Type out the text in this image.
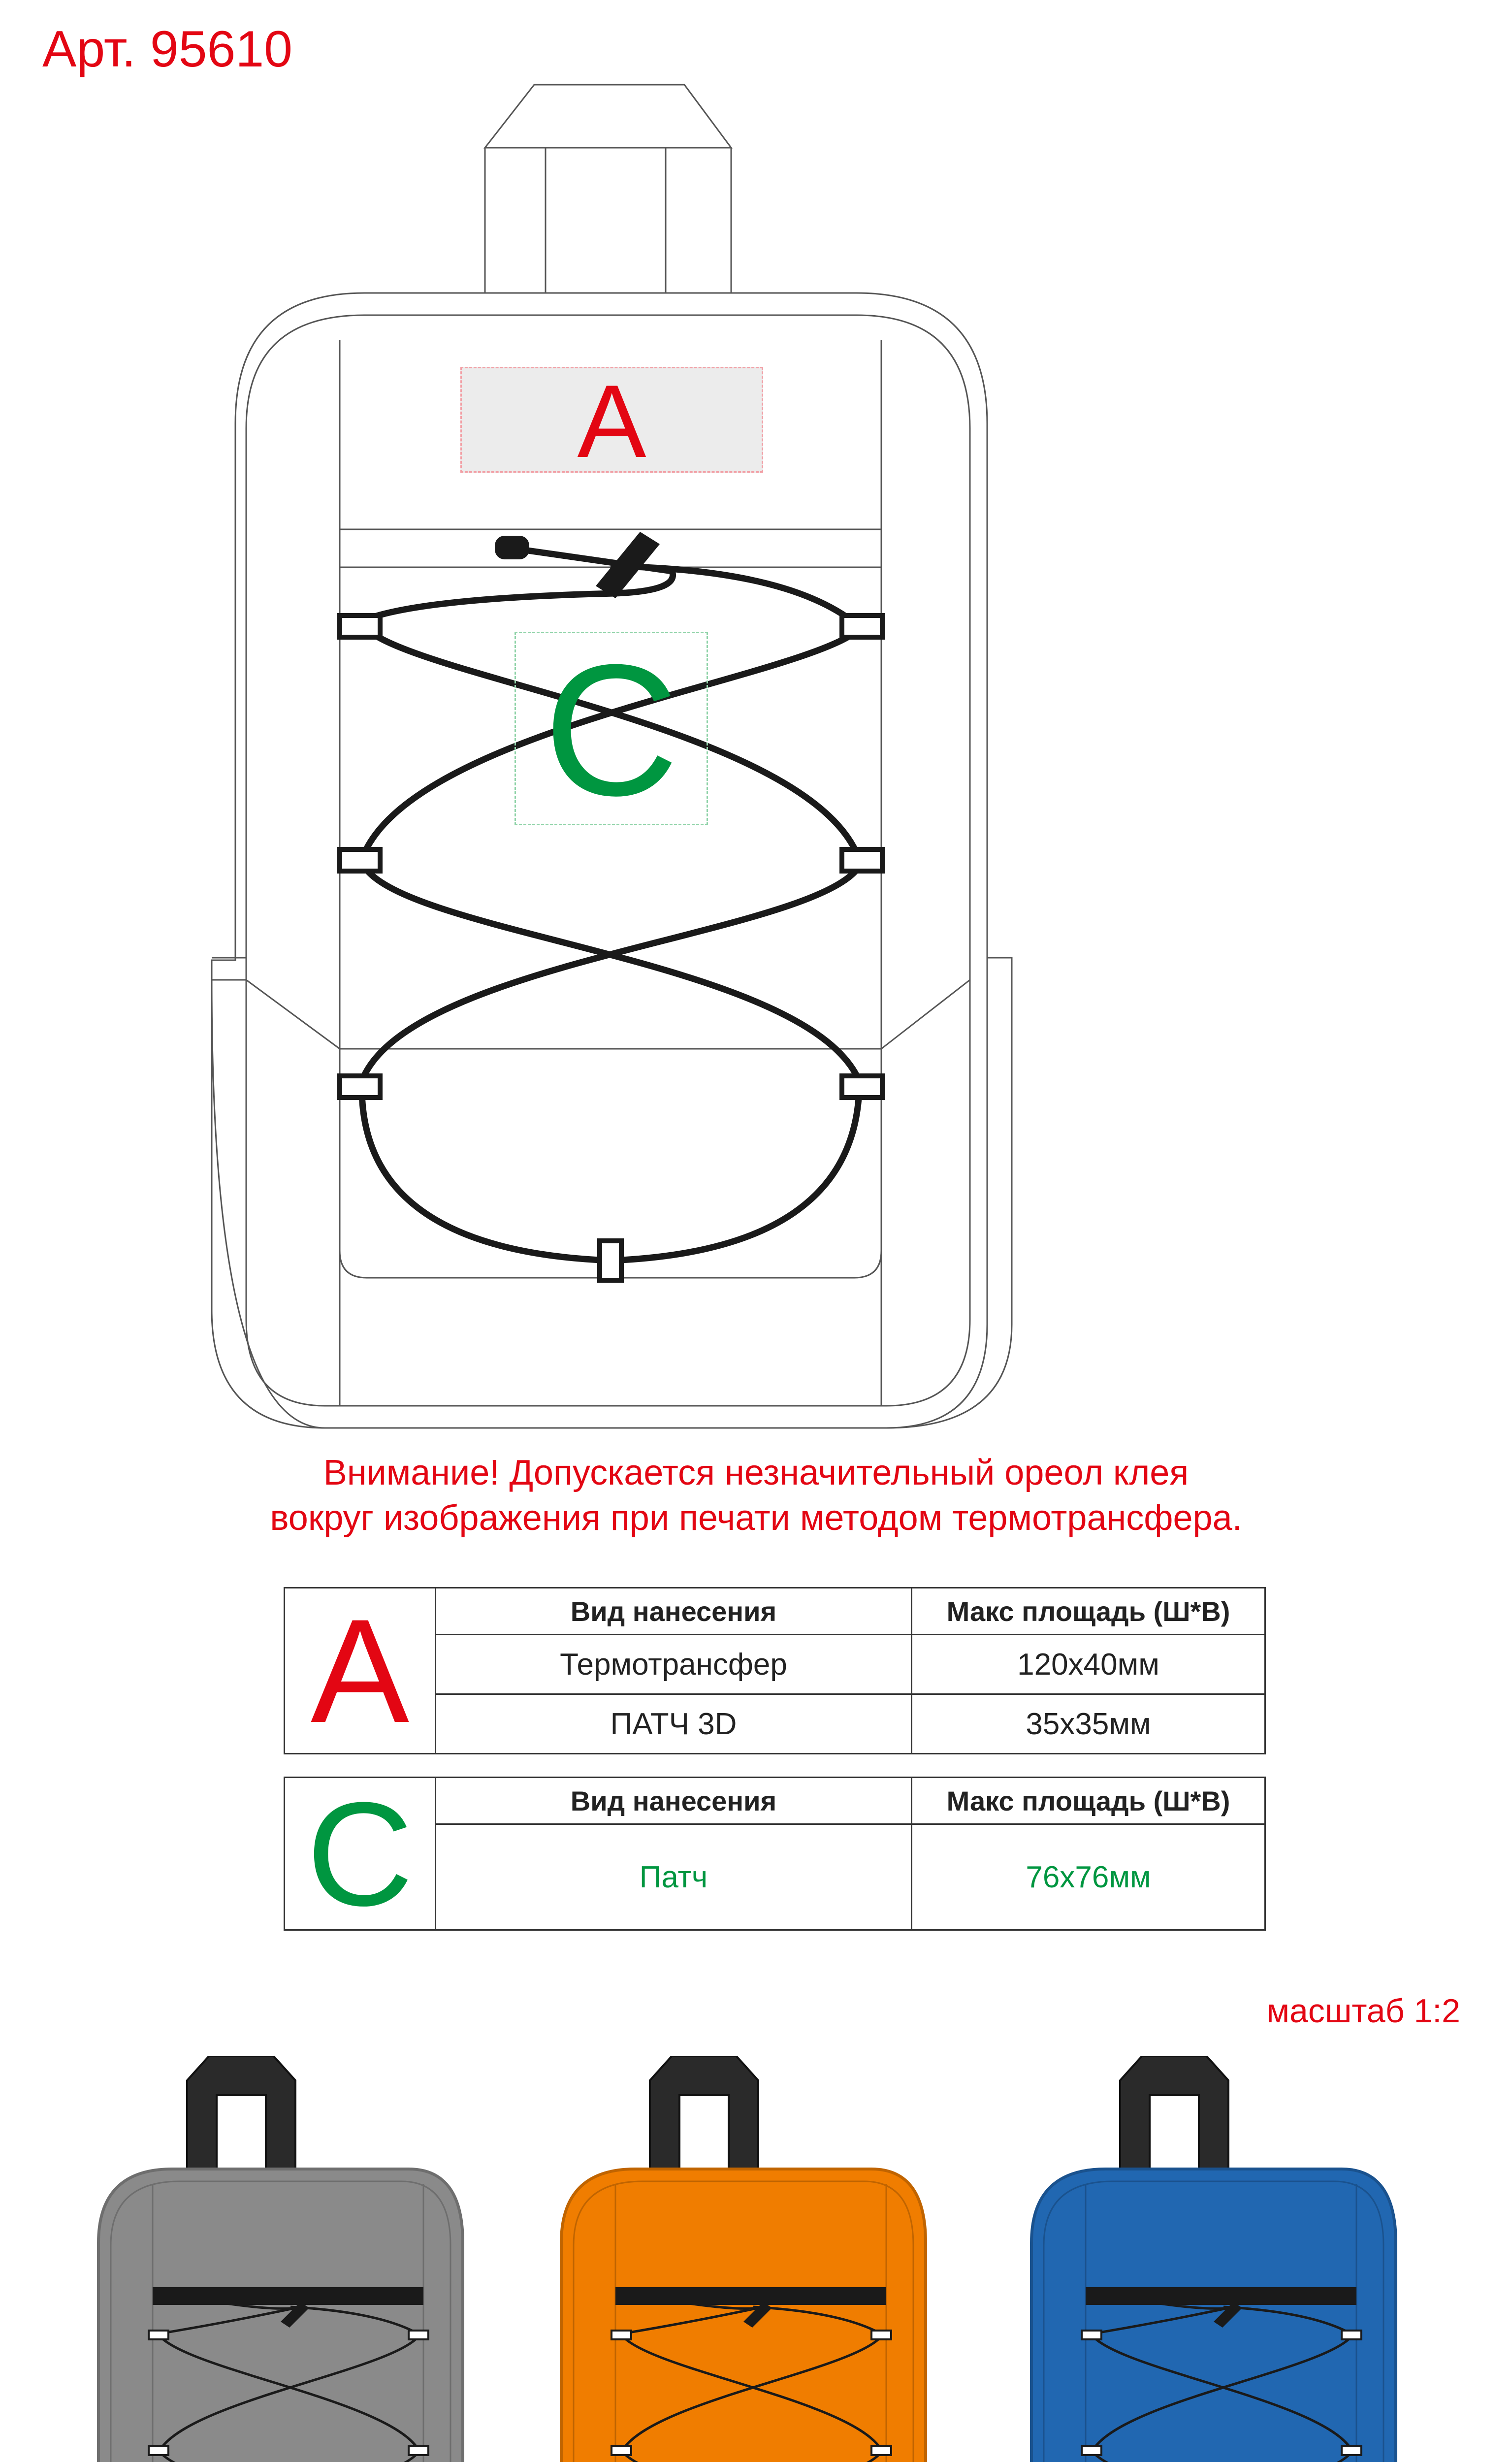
Арт. 95610
A
C
Внимание! Допускается незначительный ореол клея
вокруг изображения при печати методом термотрансфера.
A	Вид нанесения	Макс площадь (Ш*В)
	Термотрансфер	120х40мм
	ПАТЧ 3D	35х35мм
C	Вид нанесения	Макс площадь (Ш*В)
	Патч	76х76мм
масштаб 1:2
